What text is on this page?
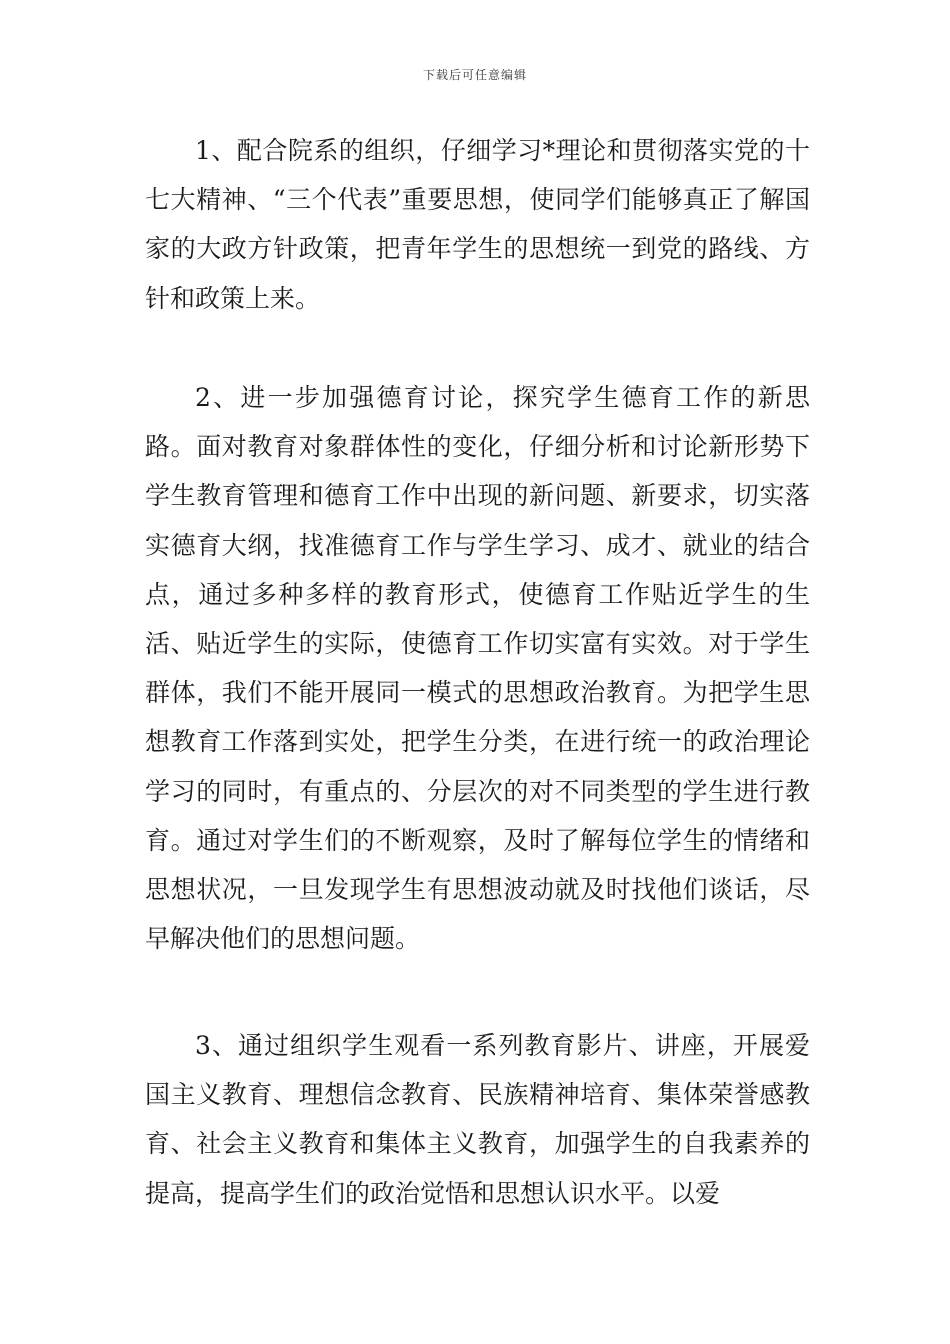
下载后可任意编辑

1、配合院系的组织，仔细学习*理论和贯彻落实党的十七大精神、“三个代表”重要思想，使同学们能够真正了解国家的大政方针政策，把青年学生的思想统一到党的路线、方针和政策上来。

2、进一步加强德育讨论，探究学生德育工作的新思路。面对教育对象群体性的变化，仔细分析和讨论新形势下学生教育管理和德育工作中出现的新问题、新要求，切实落实德育大纲，找准德育工作与学生学习、成才、就业的结合点，通过多种多样的教育形式，使德育工作贴近学生的生活、贴近学生的实际，使德育工作切实富有实效。对于学生群体，我们不能开展同一模式的思想政治教育。为把学生思想教育工作落到实处，把学生分类，在进行统一的政治理论学习的同时，有重点的、分层次的对不同类型的学生进行教育。通过对学生们的不断观察，及时了解每位学生的情绪和思想状况，一旦发现学生有思想波动就及时找他们谈话，尽早解决他们的思想问题。

3、通过组织学生观看一系列教育影片、讲座，开展爱国主义教育、理想信念教育、民族精神培育、集体荣誉感教育、社会主义教育和集体主义教育，加强学生的自我素养的提高，提高学生们的政治觉悟和思想认识水平。以爱
